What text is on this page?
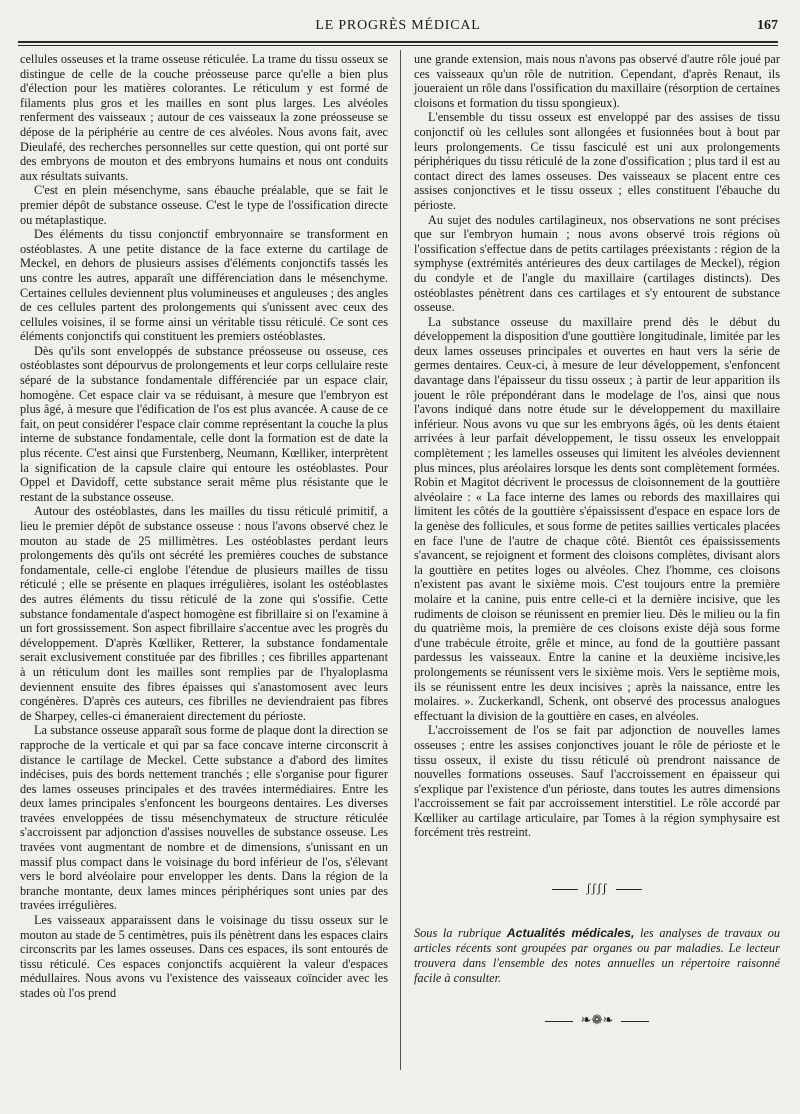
LE PROGRÈS MÉDICAL	167

cellules osseuses et la trame osseuse réticulée. La trame du tissu osseux se distingue de celle de la couche préosseuse parce qu'elle a bien plus d'élection pour les matières colorantes. Le réticulum y est formé de filaments plus gros et les mailles en sont plus larges. Les alvéoles renferment des vaisseaux ; autour de ces vaisseaux la zone préosseuse se dépose de la périphérie au centre de ces alvéoles. Nous avons fait, avec Dieulafé, des recherches personnelles sur cette question, qui ont porté sur des embryons de mouton et des embryons humains et nous ont conduits aux résultats suivants.

C'est en plein mésenchyme, sans ébauche préalable, que se fait le premier dépôt de substance osseuse. C'est le type de l'ossification directe ou métaplastique.

Des éléments du tissu conjonctif embryonnaire se transforment en ostéoblastes. A une petite distance de la face externe du cartilage de Meckel, en dehors de plusieurs assises d'éléments conjonctifs tassés les uns contre les autres, apparaît une différenciation dans le mésenchyme. Certaines cellules deviennent plus volumineuses et anguleuses ; des angles de ces cellules partent des prolongements qui s'unissent avec ceux des cellules voisines, il se forme ainsi un véritable tissu réticulé. Ce sont ces éléments conjonctifs qui constituent les premiers ostéoblastes.

Dès qu'ils sont enveloppés de substance préosseuse ou osseuse, ces ostéoblastes sont dépourvus de prolongements et leur corps cellulaire reste séparé de la substance fondamentale différenciée par un espace clair, homogène. Cet espace clair va se réduisant, à mesure que l'embryon est plus âgé, à mesure que l'édification de l'os est plus avancée. A cause de ce fait, on peut considérer l'espace clair comme représentant la couche la plus interne de substance fondamentale, celle dont la formation est de date la plus récente. C'est ainsi que Furstenberg, Neumann, Kœlliker, interprètent la signification de la capsule claire qui entoure les ostéoblastes. Pour Oppel et Davidoff, cette substance serait même plus résistante que le restant de la substance osseuse.

Autour des ostéoblastes, dans les mailles du tissu réticulé primitif, a lieu le premier dépôt de substance osseuse : nous l'avons observé chez le mouton au stade de 25 millimètres. Les ostéoblastes perdant leurs prolongements dès qu'ils ont sécrété les premières couches de substance fondamentale, celle-ci englobe l'étendue de plusieurs mailles de tissu réticulé ; elle se présente en plaques irrégulières, isolant les ostéoblastes des autres éléments du tissu réticulé de la zone qui s'ossifie. Cette substance fondamentale d'aspect homogène est fibrillaire si on l'examine à un fort grossissement. Son aspect fibrillaire s'accentue avec les progrès du développement. D'après Kœlliker, Retterer, la substance fondamentale serait exclusivement constituée par des fibrilles ; ces fibrilles appartenant à un réticulum dont les mailles sont remplies par de l'hyaloplasma deviennent ensuite des fibres épaisses qui s'anastomosent avec leurs congénères. D'après ces auteurs, ces fibrilles ne deviendraient pas fibres de Sharpey, celles-ci émaneraient directement du périoste.

La substance osseuse apparaît sous forme de plaque dont la direction se rapproche de la verticale et qui par sa face concave interne circonscrit à distance le cartilage de Meckel. Cette substance a d'abord des limites indécises, puis des bords nettement tranchés ; elle s'organise pour figurer des lames osseuses principales et des travées intermédiaires. Entre les deux lames principales s'enfoncent les bourgeons dentaires. Les diverses travées enveloppées de tissu mésenchymateux de structure réticulée s'accroissent par adjonction d'assises nouvelles de substance osseuse. Les travées vont augmentant de nombre et de dimensions, s'unissant en un massif plus compact dans le voisinage du bord inférieur de l'os, s'élevant vers le bord alvéolaire pour envelopper les dents. Dans la région de la branche montante, deux lames minces périphériques sont unies par des travées irrégulières.

Les vaisseaux apparaissent dans le voisinage du tissu osseux sur le mouton au stade de 5 centimètres, puis ils pénètrent dans les espaces clairs circonscrits par les lames osseuses. Dans ces espaces, ils sont entourés de tissu réticulé. Ces espaces conjonctifs acquièrent la valeur d'espaces médullaires. Nous avons vu l'existence des vaisseaux coïncider avec les stades où l'os prend

une grande extension, mais nous n'avons pas observé d'autre rôle joué par ces vaisseaux qu'un rôle de nutrition. Cependant, d'après Renaut, ils joueraient un rôle dans l'ossification du maxillaire (résorption de certaines cloisons et formation du tissu spongieux).

L'ensemble du tissu osseux est enveloppé par des assises de tissu conjonctif où les cellules sont allongées et fusionnées bout à bout par leurs prolongements. Ce tissu fasciculé est uni aux prolongements périphériques du tissu réticulé de la zone d'ossification ; plus tard il est au contact direct des lames osseuses. Des vaisseaux se placent entre ces assises conjonctives et le tissu osseux ; elles constituent l'ébauche du périoste.

Au sujet des nodules cartilagineux, nos observations ne sont précises que sur l'embryon humain ; nous avons observé trois régions où l'ossification s'effectue dans de petits cartilages préexistants : région de la symphyse (extrémités antérieures des deux cartilages de Meckel), région du condyle et de l'angle du maxillaire (cartilages distincts). Des ostéoblastes pénètrent dans ces cartilages et s'y entourent de substance osseuse.

La substance osseuse du maxillaire prend dès le début du développement la disposition d'une gouttière longitudinale, limitée par les deux lames osseuses principales et ouvertes en haut vers la série de germes dentaires. Ceux-ci, à mesure de leur développement, s'enfoncent davantage dans l'épaisseur du tissu osseux ; à partir de leur apparition ils jouent le rôle prépondérant dans le modelage de l'os, ainsi que nous l'avons indiqué dans notre étude sur le développement du maxillaire inférieur. Nous avons vu que sur les embryons âgés, où les dents étaient arrivées à leur parfait développement, le tissu osseux les enveloppait complètement ; les lamelles osseuses qui limitent les alvéoles deviennent plus minces, plus aréolaires lorsque les dents sont complètement formées. Robin et Magitot décrivent le processus de cloisonnement de la gouttière alvéolaire : « La face interne des lames ou rebords des maxillaires qui limitent les côtés de la gouttière s'épaississent d'espace en espace lors de la genèse des follicules, et sous forme de petites saillies verticales placées en face l'une de l'autre de chaque côté. Bientôt ces épaississements s'avancent, se rejoignent et forment des cloisons complètes, divisant alors la gouttière en petites loges ou alvéoles. Chez l'homme, ces cloisons n'existent pas avant le sixième mois. C'est toujours entre la première molaire et la canine, puis entre celle-ci et la dernière incisive, que les rudiments de cloison se réunissent en premier lieu. Dès le milieu ou la fin du quatrième mois, la première de ces cloisons existe déjà sous forme d'une trabécule étroite, grêle et mince, au fond de la gouttière passant pardessus les vaisseaux. Entre la canine et la deuxième incisive,les prolongements se réunissent vers le sixième mois. Vers le septième mois, ils se réunissent entre les deux incisives ; après la naissance, entre les molaires. ». Zuckerkandl, Schenk, ont observé des processus analogues effectuant la division de la gouttière en cases, en alvéoles.

L'accroissement de l'os se fait par adjonction de nouvelles lames osseuses ; entre les assises conjonctives jouant le rôle de périoste et le tissu osseux, il existe du tissu réticulé où prendront naissance de nouvelles formations osseuses. Sauf l'accroissement en épaisseur qui s'explique par l'existence d'un périoste, dans toutes les autres dimensions l'accroissement se fait par accroissement interstitiel. Le rôle accordé par Kœlliker au cartilage articulaire, par Tomes à la région symphysaire est forcément très restreint.

ʃʃʃʃ
Sous la rubrique Actualités médicales, les analyses de travaux ou articles récents sont groupées par organes ou par maladies. Le lecteur trouvera dans l'ensemble des notes annuelles un répertoire raisonné facile à consulter.
❧❁❧
